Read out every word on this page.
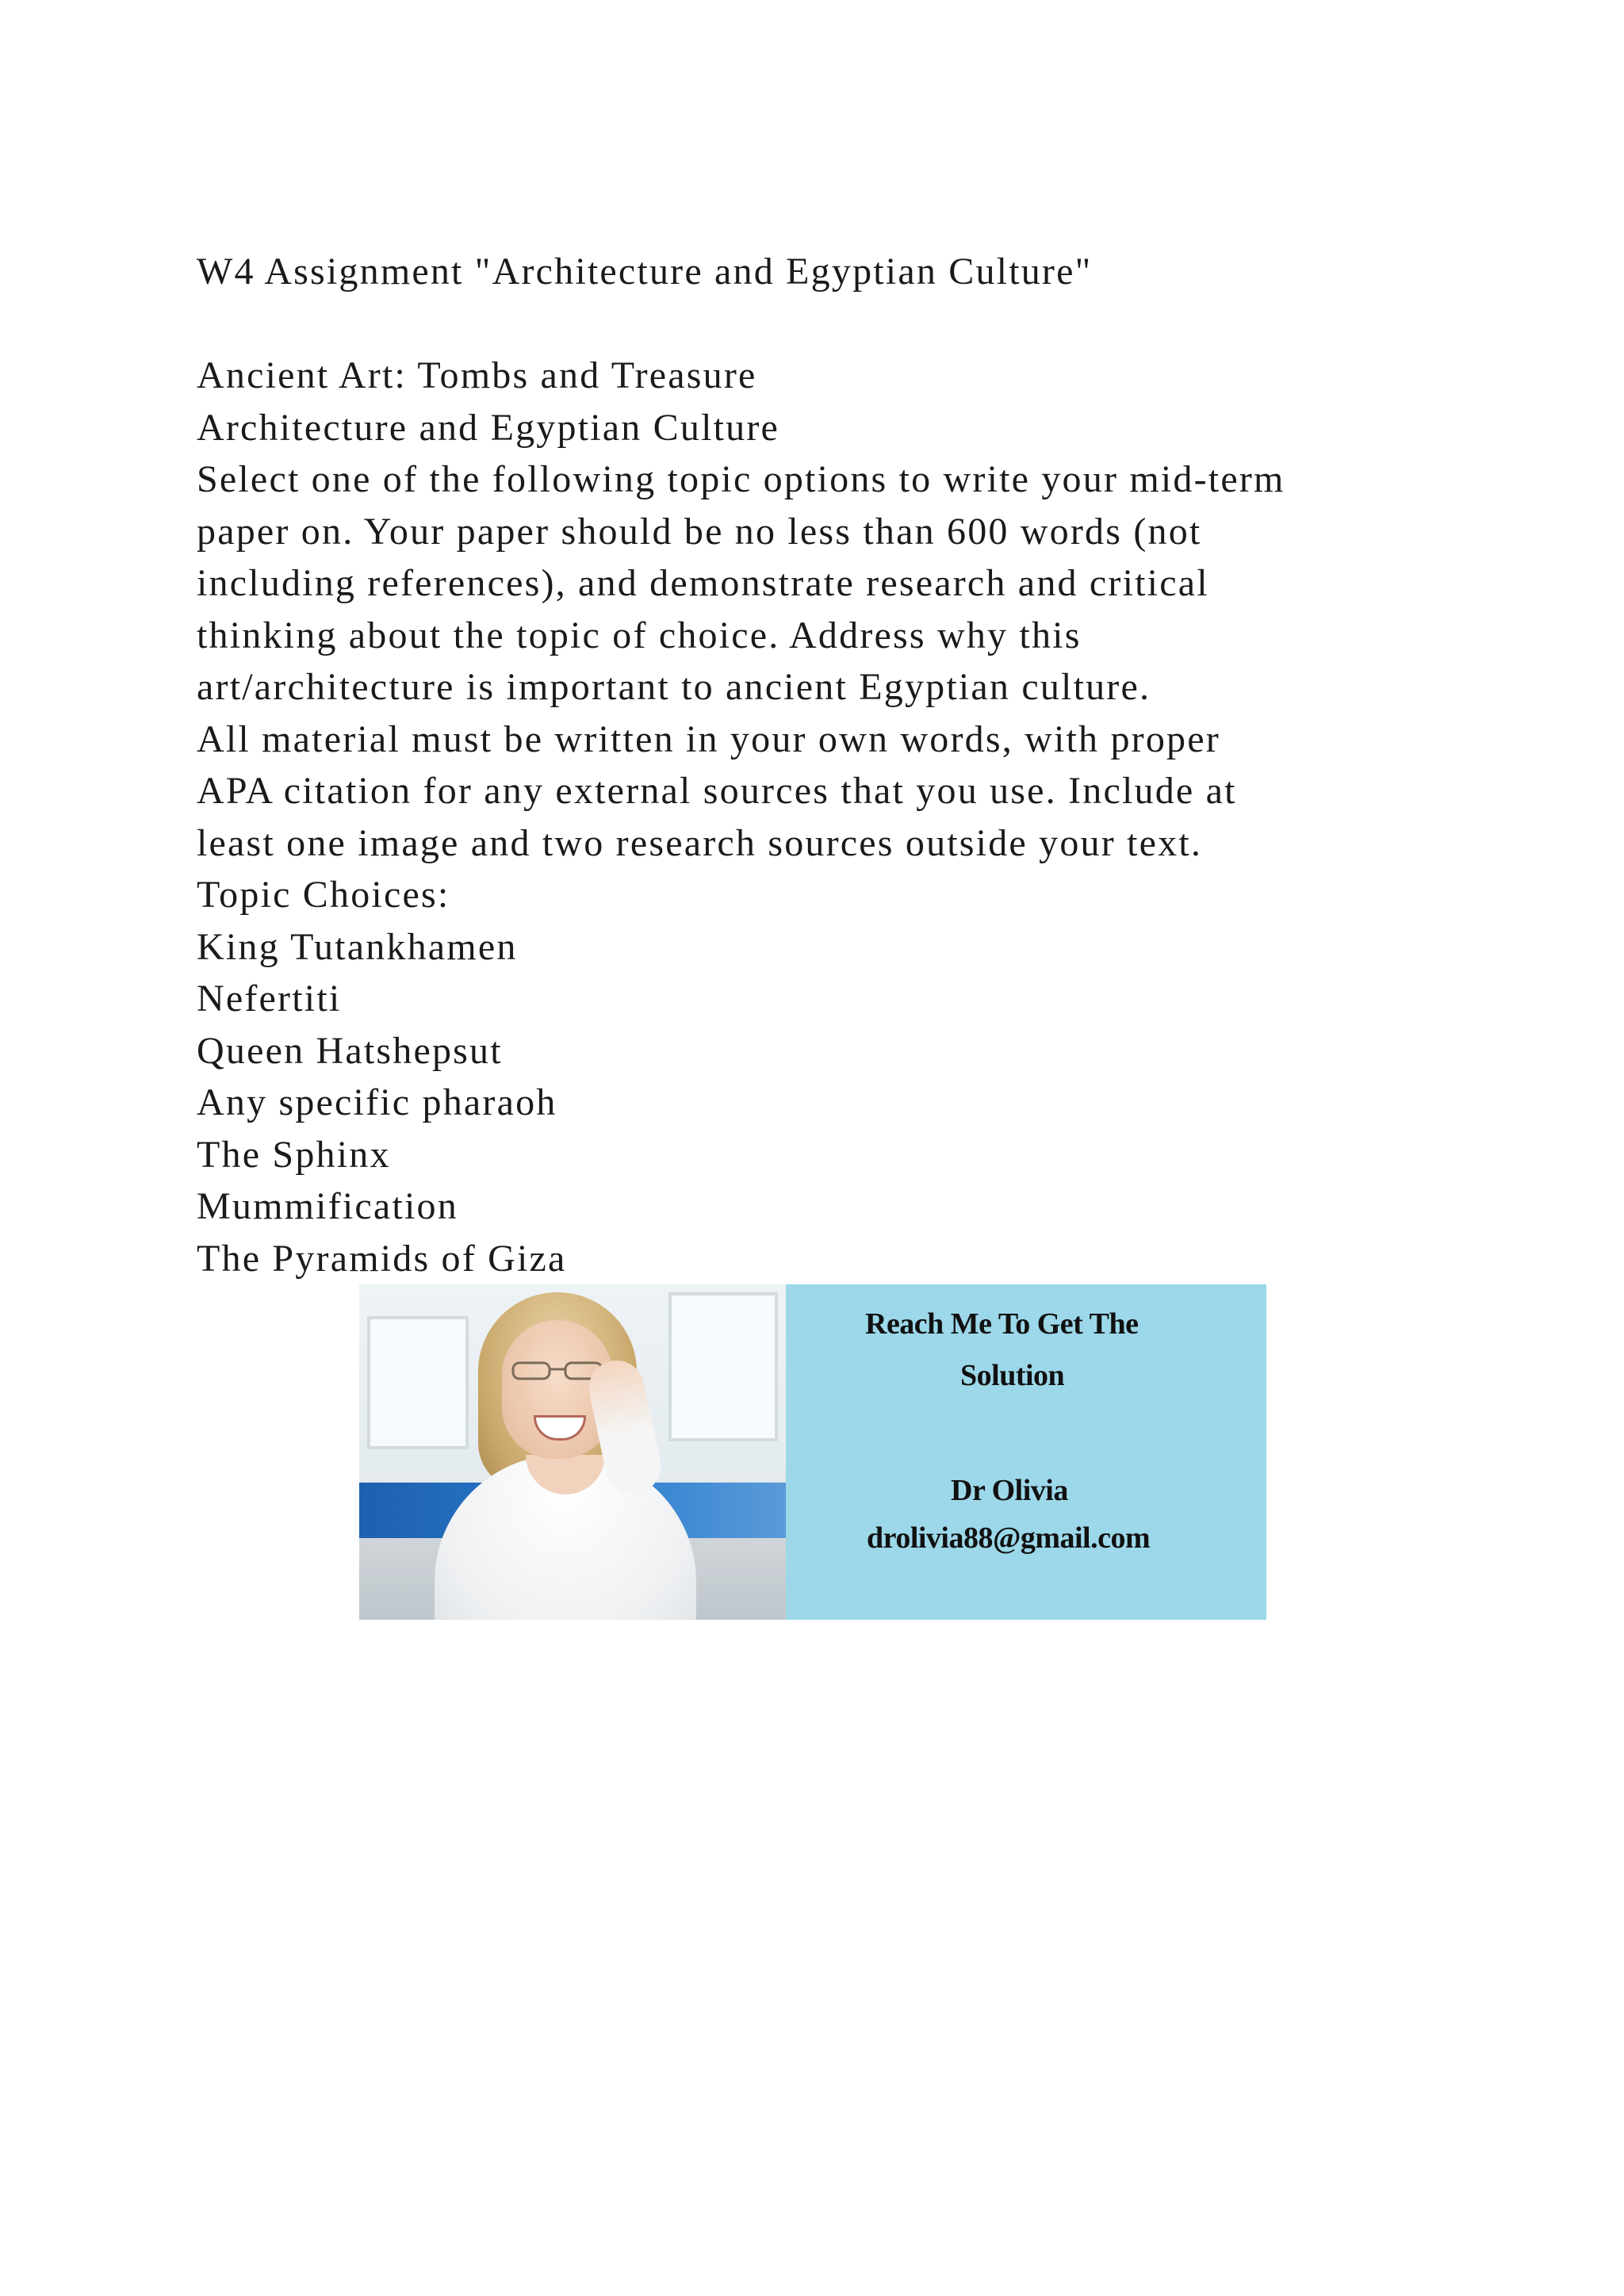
W4 Assignment "Architecture and Egyptian Culture"
Ancient Art: Tombs and Treasure
Architecture and Egyptian Culture
Select one of the following topic options to write your mid-term
paper on. Your paper should be no less than 600 words (not
including references), and demonstrate research and critical
thinking about the topic of choice. Address why this
art/architecture is important to ancient Egyptian culture.
All material must be written in your own words, with proper
APA citation for any external sources that you use. Include at
least one image and two research sources outside your text.
Topic Choices:
King Tutankhamen
Nefertiti
Queen Hatshepsut
Any specific pharaoh
The Sphinx
Mummification
The Pyramids of Giza
Reach Me To Get The
Solution
Dr Olivia
drolivia88@gmail.com
